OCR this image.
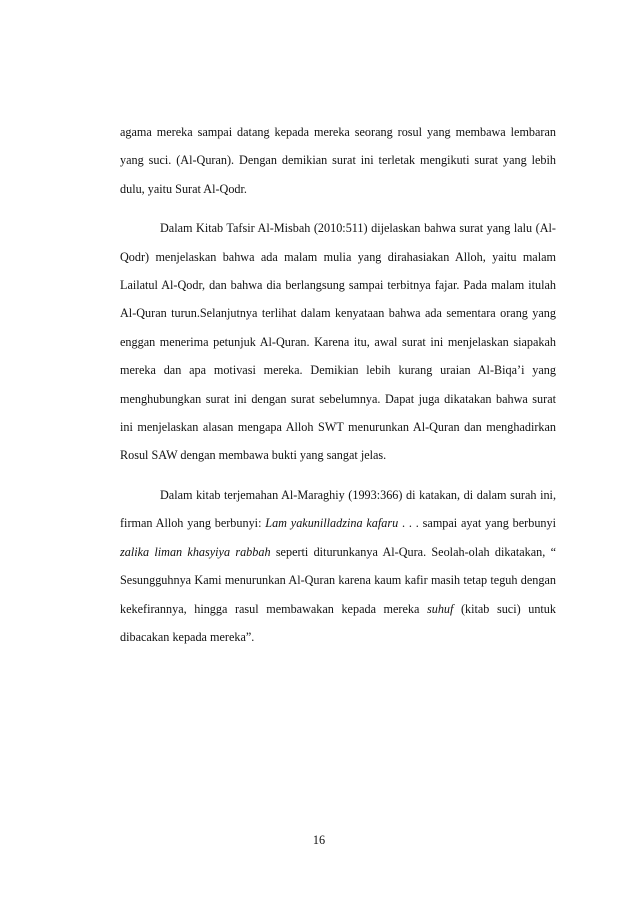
agama mereka sampai datang kepada mereka seorang rosul yang membawa lembaran yang suci. (Al-Quran). Dengan demikian surat ini terletak mengikuti surat yang lebih dulu, yaitu Surat Al-Qodr.

Dalam Kitab Tafsir Al-Misbah (2010:511) dijelaskan bahwa surat yang lalu (Al-Qodr) menjelaskan bahwa ada malam mulia yang dirahasiakan Alloh, yaitu malam Lailatul Al-Qodr, dan bahwa dia berlangsung sampai terbitnya fajar. Pada malam itulah Al-Quran turun.Selanjutnya terlihat dalam kenyataan bahwa ada sementara orang yang enggan menerima petunjuk Al-Quran. Karena itu, awal surat ini menjelaskan siapakah mereka dan apa motivasi mereka. Demikian lebih kurang uraian Al-Biqa’i yang menghubungkan surat ini dengan surat sebelumnya. Dapat juga dikatakan bahwa surat ini menjelaskan alasan mengapa Alloh SWT menurunkan Al-Quran dan menghadirkan Rosul SAW dengan membawa bukti yang sangat jelas.

Dalam kitab terjemahan Al-Maraghiy (1993:366) di katakan, di dalam surah ini, firman Alloh yang berbunyi: Lam yakunilladzina kafaru . . . sampai ayat yang berbunyi zalika liman khasyiya rabbah seperti diturunkanya Al-Qura. Seolah-olah dikatakan, “ Sesungguhnya Kami menurunkan Al-Quran karena kaum kafir masih tetap teguh dengan kekefirannya, hingga rasul membawakan kepada mereka suhuf (kitab suci) untuk dibacakan kepada mereka”.

16
